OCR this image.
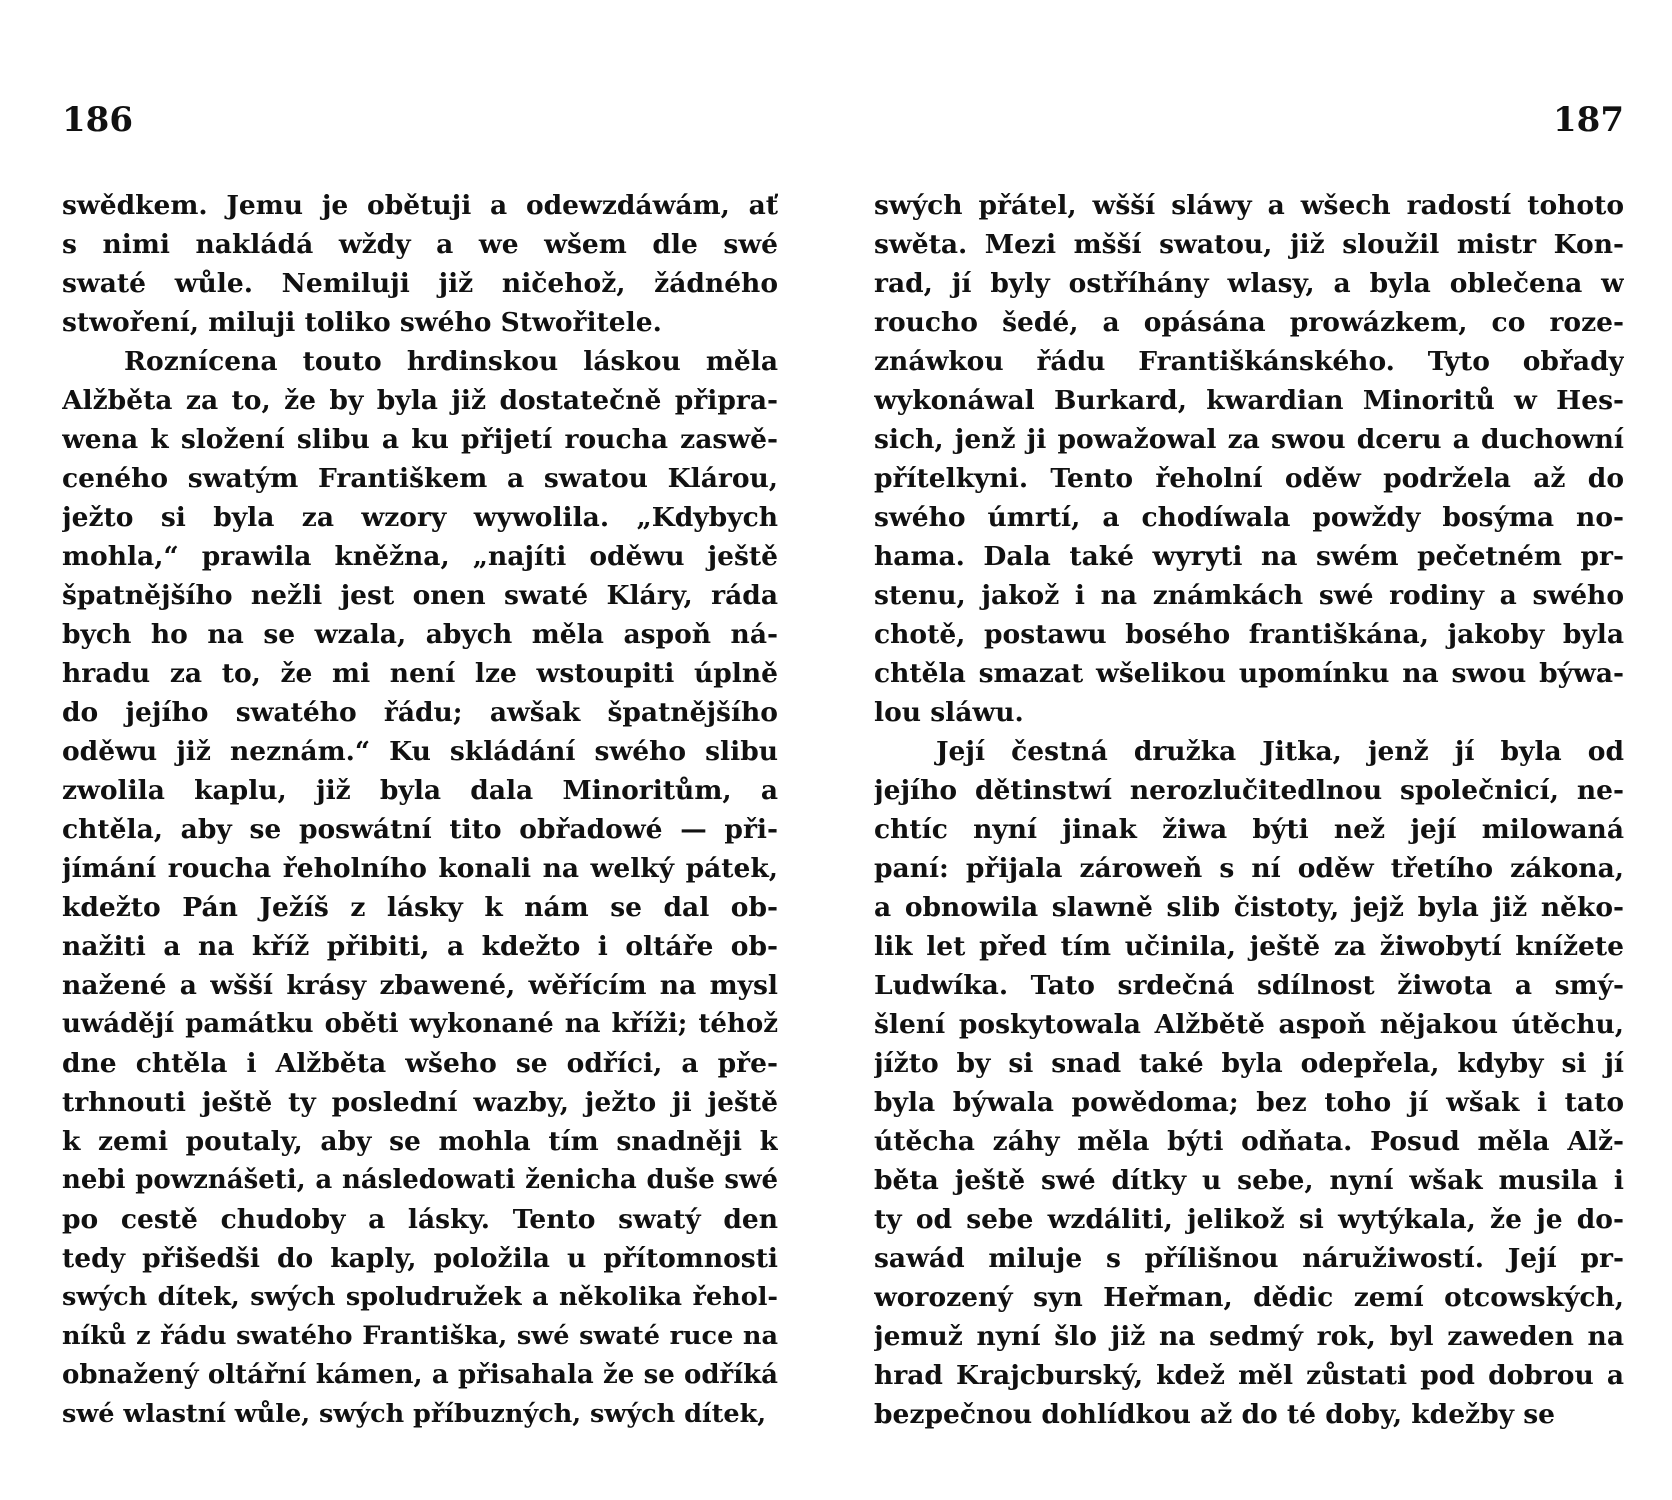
186
swědkem. Jemu je obětuji a odewzdáwám, ať
s nimi nakládá wždy a we wšem dle swé
swaté wůle. Nemiluji již ničehož, žádného
stwoření, miluji toliko swého Stwořitele.
Roznícena touto hrdinskou láskou měla
Alžběta za to, že by byla již dostatečně připra-
wena k složení slibu a ku přijetí roucha zaswě-
ceného swatým Františkem a swatou Klárou,
ježto si byla za wzory wywolila. „Kdybych
mohla,“ prawila kněžna, „najíti oděwu ještě
špatnějšího nežli jest onen swaté Kláry, ráda
bych ho na se wzala, abych měla aspoň ná-
hradu za to, že mi není lze wstoupiti úplně
do jejího swatého řádu; awšak špatnějšího
oděwu již neznám.“ Ku skládání swého slibu
zwolila kaplu, již byla dala Minoritům, a
chtěla, aby se poswátní tito obřadowé — při-
jímání roucha řeholního konali na welký pátek,
kdežto Pán Ježíš z lásky k nám se dal ob-
nažiti a na kříž přibiti, a kdežto i oltáře ob-
nažené a wšší krásy zbawené, wěřícím na mysl
uwádějí památku oběti wykonané na kříži; téhož
dne chtěla i Alžběta wšeho se odříci, a pře-
trhnouti ještě ty poslední wazby, ježto ji ještě
k zemi poutaly, aby se mohla tím snadněji k
nebi powznášeti, a následowati ženicha duše swé
po cestě chudoby a lásky. Tento swatý den
tedy přišedši do kaply, položila u přítomnosti
swých dítek, swých spoludružek a několika řehol-
níků z řádu swatého Františka, swé swaté ruce na
obnažený oltářní kámen, a přisahala že se odříká
swé wlastní wůle, swých příbuzných, swých dítek,
187
swých přátel, wšší sláwy a wšech radostí tohoto
swěta. Mezi mšší swatou, již sloužil mistr Kon-
rad, jí byly ostříhány wlasy, a byla oblečena w
roucho šedé, a opásána prowázkem, co roze-
znáwkou řádu Františkánského. Tyto obřady
wykonáwal Burkard, kwardian Minoritů w Hes-
sich, jenž ji powažowal za swou dceru a duchowní
přítelkyni. Tento řeholní oděw podržela až do
swého úmrtí, a chodíwala powždy bosýma no-
hama. Dala také wyryti na swém pečetném pr-
stenu, jakož i na známkách swé rodiny a swého
chotě, postawu bosého františkána, jakoby byla
chtěla smazat wšelikou upomínku na swou býwa-
lou sláwu.
Její čestná družka Jitka, jenž jí byla od
jejího dětinstwí nerozlučitedlnou společnicí, ne-
chtíc nyní jinak žiwa býti než její milowaná
paní: přijala zároweň s ní oděw třetího zákona,
a obnowila slawně slib čistoty, jejž byla již něko-
lik let před tím učinila, ještě za žiwobytí knížete
Ludwíka. Tato srdečná sdílnost žiwota a smý-
šlení poskytowala Alžbětě aspoň nějakou útěchu,
jížto by si snad také byla odepřela, kdyby si jí
byla býwala powědoma; bez toho jí wšak i tato
útěcha záhy měla býti odňata. Posud měla Alž-
běta ještě swé dítky u sebe, nyní wšak musila i
ty od sebe wzdáliti, jelikož si wytýkala, že je do-
sawád miluje s přílišnou náružiwostí. Její pr-
worozený syn Heřman, dědic zemí otcowských,
jemuž nyní šlo již na sedmý rok, byl zaweden na
hrad Krajcburský, kdež měl zůstati pod dobrou a
bezpečnou dohlídkou až do té doby, kdežby se
